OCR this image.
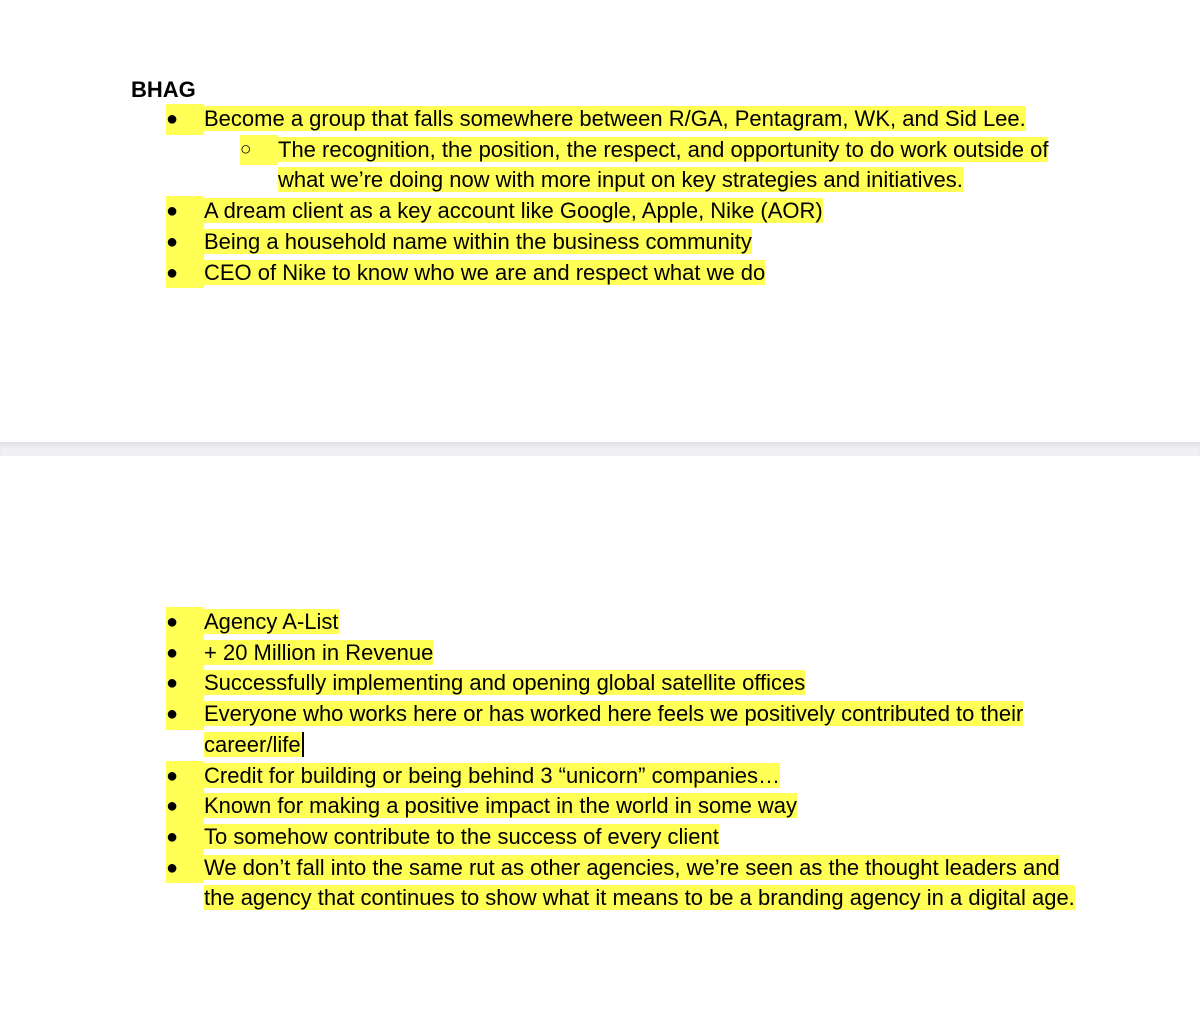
BHAG
●	Become a group that falls somewhere between R/GA, Pentagram, WK, and Sid Lee.
○	The recognition, the position, the respect, and opportunity to do work outside of what we’re doing now with more input on key strategies and initiatives.
●	A dream client as a key account like Google, Apple, Nike (AOR)
●	Being a household name within the business community
●	CEO of Nike to know who we are and respect what we do
●	Agency A-List
●	+ 20 Million in Revenue
●	Successfully implementing and opening global satellite offices
●	Everyone who works here or has worked here feels we positively contributed to their career/life
●	Credit for building or being behind 3 “unicorn” companies…
●	Known for making a positive impact in the world in some way
●	To somehow contribute to the success of every client
●	We don’t fall into the same rut as other agencies, we’re seen as the thought leaders and the agency that continues to show what it means to be a branding agency in a digital age.
